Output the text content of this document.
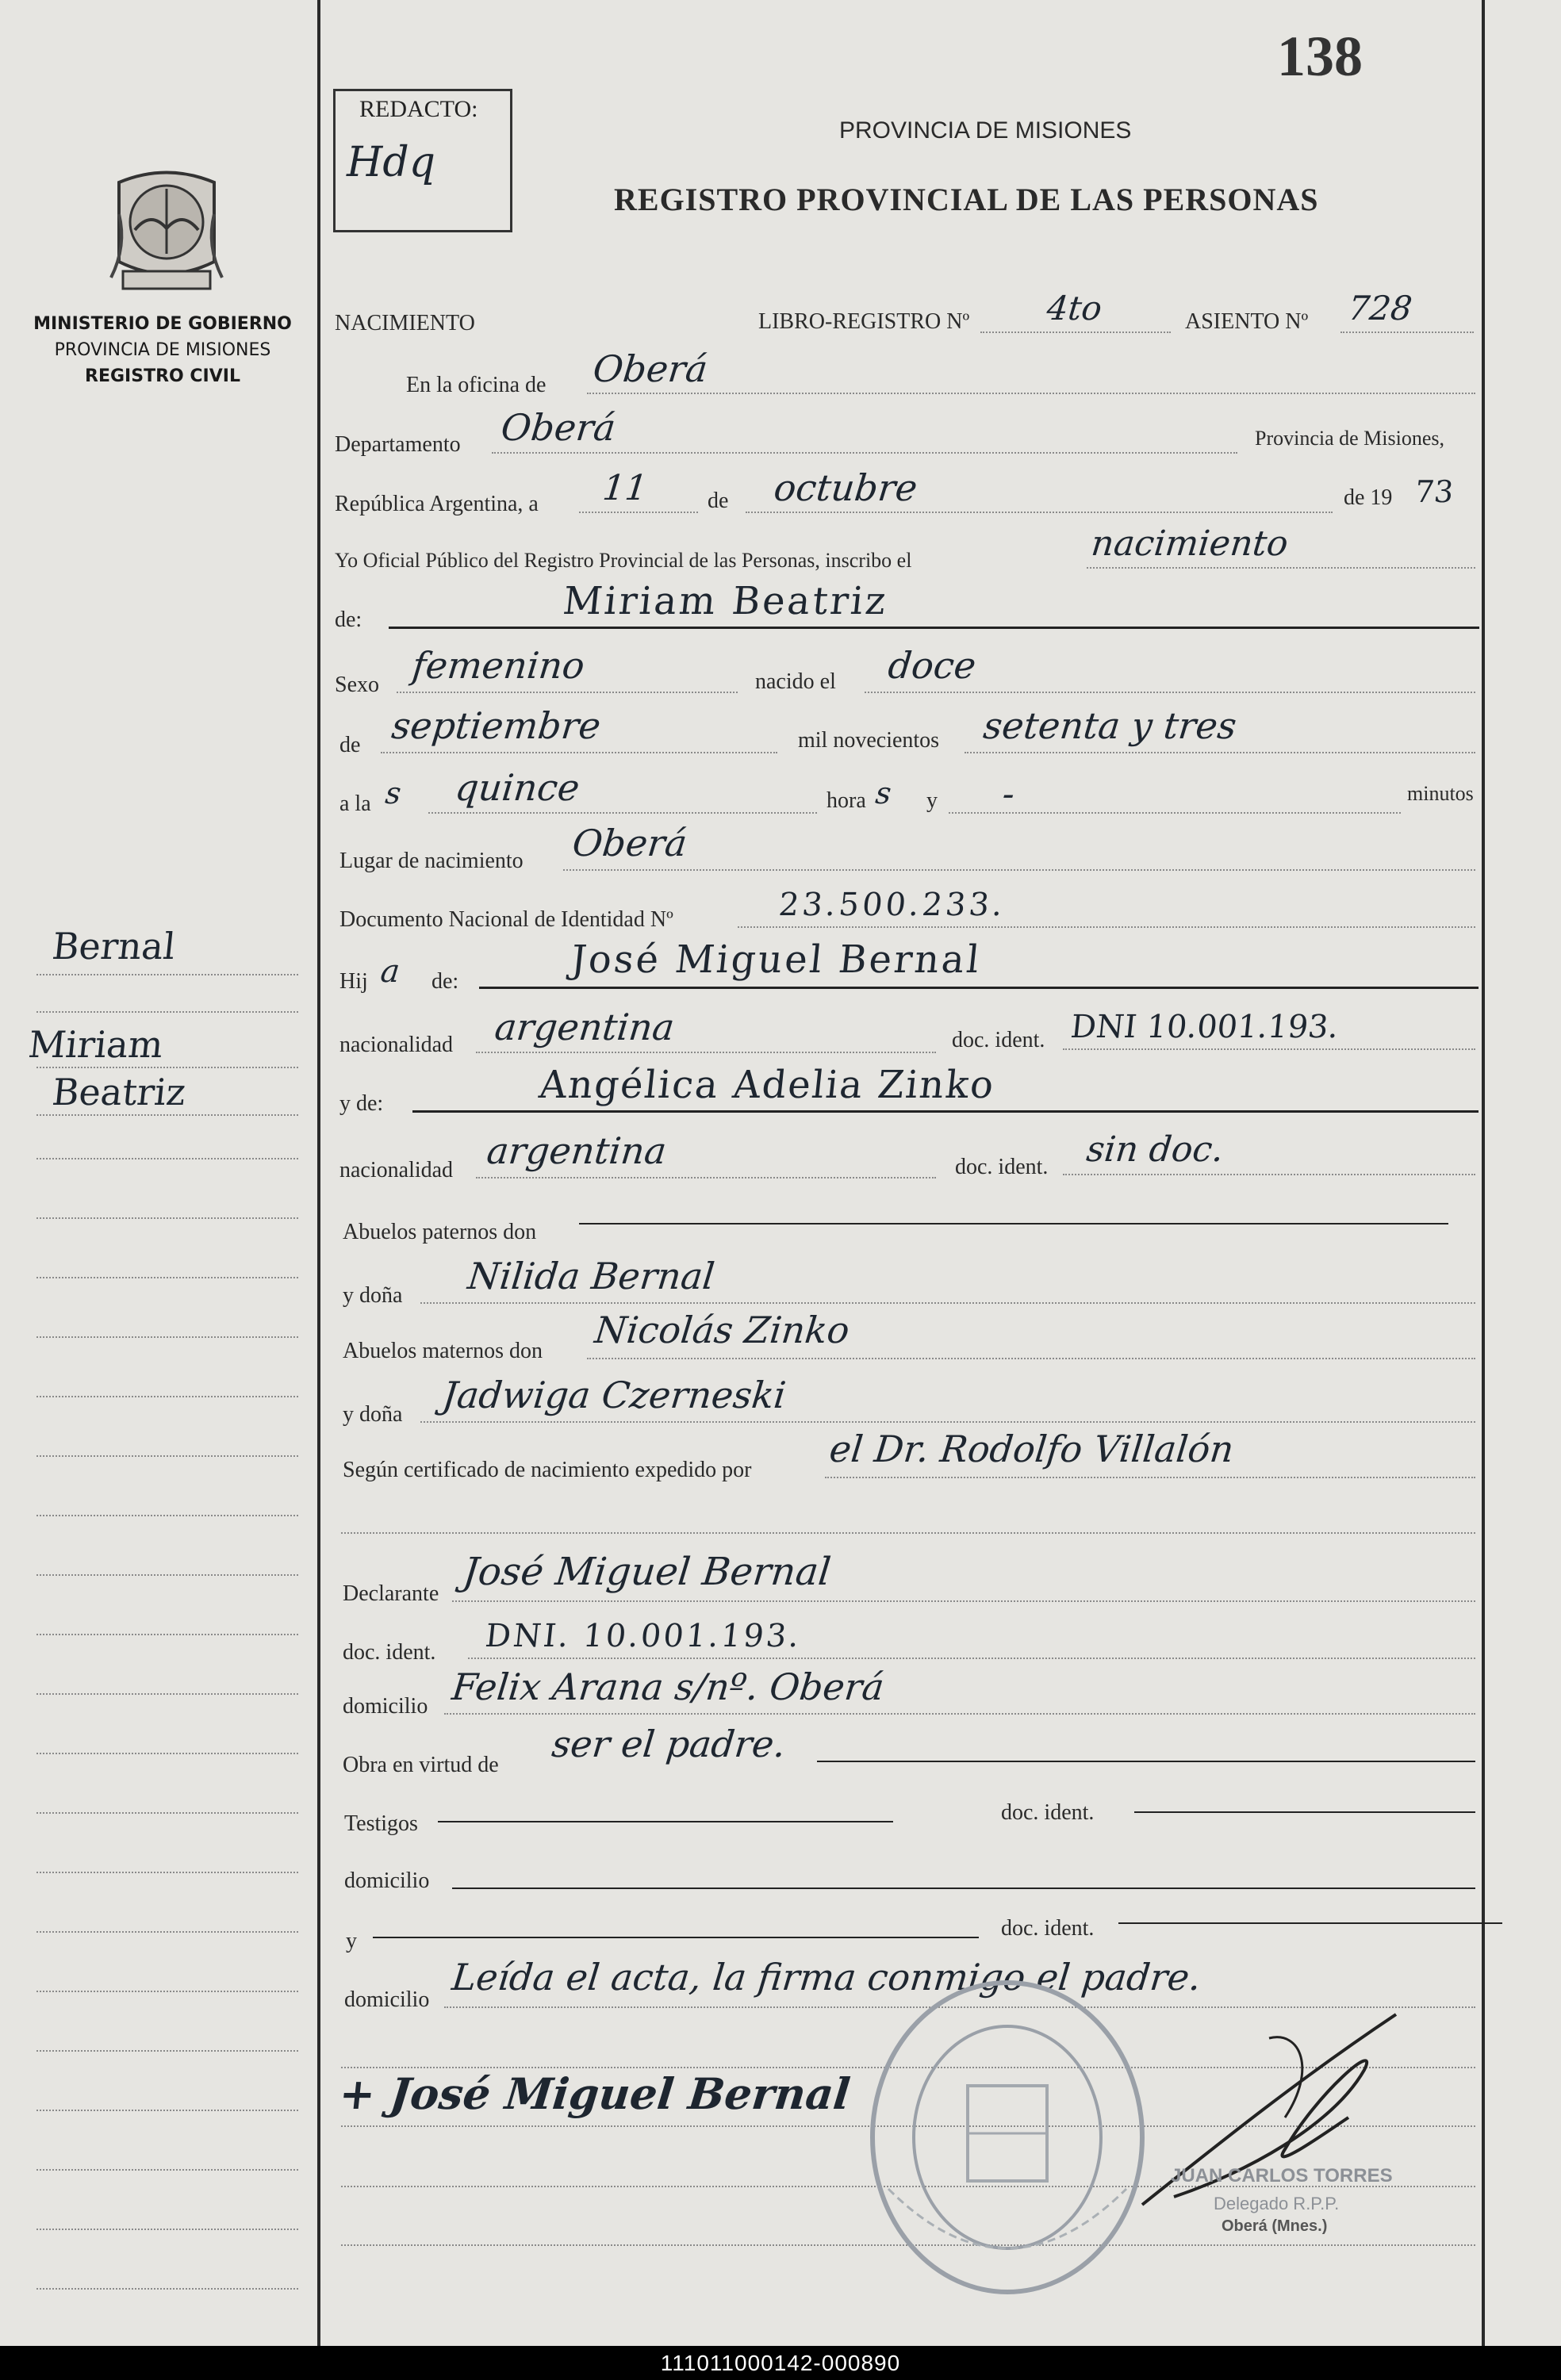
138
REDACTO:
Hdq
PROVINCIA DE MISIONES
REGISTRO PROVINCIAL DE LAS PERSONAS
MINISTERIO DE GOBIERNO
PROVINCIA DE MISIONES
REGISTRO CIVIL
Bernal
Miriam
Beatriz
NACIMIENTO	LIBRO-REGISTRO Nº 4to	ASIENTO Nº 728
En la oficina de Oberá
Departamento Oberá	Provincia de Misiones,
República Argentina, a 11	de octubre	de 19 73
Yo Oficial Público del Registro Provincial de las Personas, inscribo el	nacimiento
de:	Miriam Beatriz
Sexo femenino	nacido el doce
de septiembre	mil novecientos setenta y tres
a la s quince	hora s y -	minutos
Lugar de nacimiento Oberá
Documento Nacional de Identidad Nº	23.500.233.
Hij a de:	José Miguel Bernal
nacionalidad argentina	doc. ident. DNI 10.001.193.
y de:	Angélica Adelia Zinko
nacionalidad argentina	doc. ident. sin doc.
Abuelos paternos don
y doña Nilida Bernal
Abuelos maternos don Nicolás Zinko
y doña Jadwiga Czerneski
Según certificado de nacimiento expedido por el Dr. Rodolfo Villalón
Declarante José Miguel Bernal
doc. ident. DNI. 10.001.193.
domicilio Felix Arana s/nº. Oberá
Obra en virtud de ser el padre.
Testigos	doc. ident.
domicilio
y
doc. ident.
domicilio
Leída el acta, la firma conmigo el padre.
+ José Miguel Bernal
JUAN CARLOS TORRES
Delegado R.P.P.
Oberá (Mnes.)
111011000142-000890
